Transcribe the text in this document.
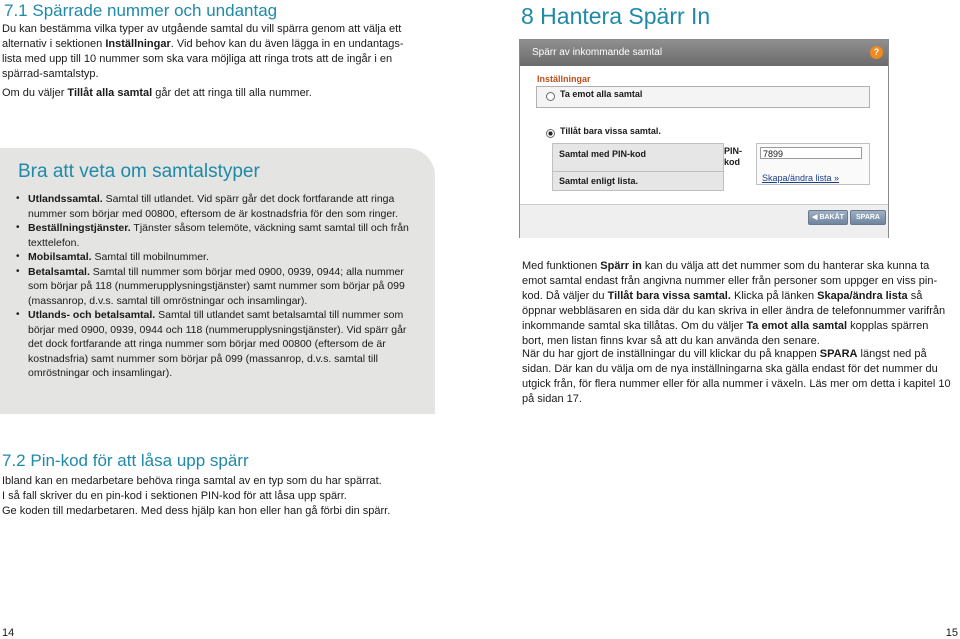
7.1 Spärrade nummer och undantag

Du kan bestämma vilka typer av utgående samtal du vill spärra genom att välja ett alternativ i sektionen Inställningar. Vid behov kan du även lägga in en undantags-lista med upp till 10 nummer som ska vara möjliga att ringa trots att de ingår i en spärrad-samtalstyp.

Om du väljer Tillåt alla samtal går det att ringa till alla nummer.

Bra att veta om samtalstyper
• Utlandssamtal. Samtal till utlandet. Vid spärr går det dock fortfarande att ringa nummer som börjar med 00800, eftersom de är kostnadsfria för den som ringer.
• Beställningstjänster. Tjänster såsom telemöte, väckning samt samtal till och från texttelefon.
• Mobilsamtal. Samtal till mobilnummer.
• Betalsamtal. Samtal till nummer som börjar med 0900, 0939, 0944; alla nummer som börjar på 118 (nummerupplysningstjänster) samt nummer som börjar på 099 (massanrop, d.v.s. samtal till omröstningar och insamlingar).
• Utlands- och betalsamtal. Samtal till utlandet samt betalsamtal till nummer som börjar med 0900, 0939, 0944 och 118 (nummerupplysningstjänster). Vid spärr går det dock fortfarande att ringa nummer som börjar med 00800 (eftersom de är kostnadsfria) samt nummer som börjar på 099 (massanrop, d.v.s. samtal till omröstningar och insamlingar).
7.2 Pin-kod för att låsa upp spärr
Ibland kan en medarbetare behöva ringa samtal av en typ som du har spärrat.
I så fall skriver du en pin-kod i sektionen PIN-kod för att låsa upp spärr.
Ge koden till medarbetaren. Med dess hjälp kan hon eller han gå förbi din spärr.
8 Hantera Spärr In
Spärr av inkommande samtal	?
Inställningar
Ta emot alla samtal
Tillåt bara vissa samtal.
Samtal med PIN-kod	PIN-kod
7899
Samtal enligt lista.	Skapa/ändra lista »
◀ BAKÅT	SPARA

Med funktionen Spärr in kan du välja att det nummer som du hanterar ska kunna ta emot samtal endast från angivna nummer eller från personer som uppger en viss pin-kod. Då väljer du Tillåt bara vissa samtal. Klicka på länken Skapa/ändra lista så öppnar webbläsaren en sida där du kan skriva in eller ändra de telefonnummer varifrån inkommande samtal ska tillåtas. Om du väljer Ta emot alla samtal kopplas spärren bort, men listan finns kvar så att du kan använda den senare.

När du har gjort de inställningar du vill klickar du på knappen SPARA längst ned på sidan. Där kan du välja om de nya inställningarna ska gälla endast för det nummer du utgick från, för flera nummer eller för alla nummer i växeln. Läs mer om detta i kapitel 10 på sidan 17.

14	15
